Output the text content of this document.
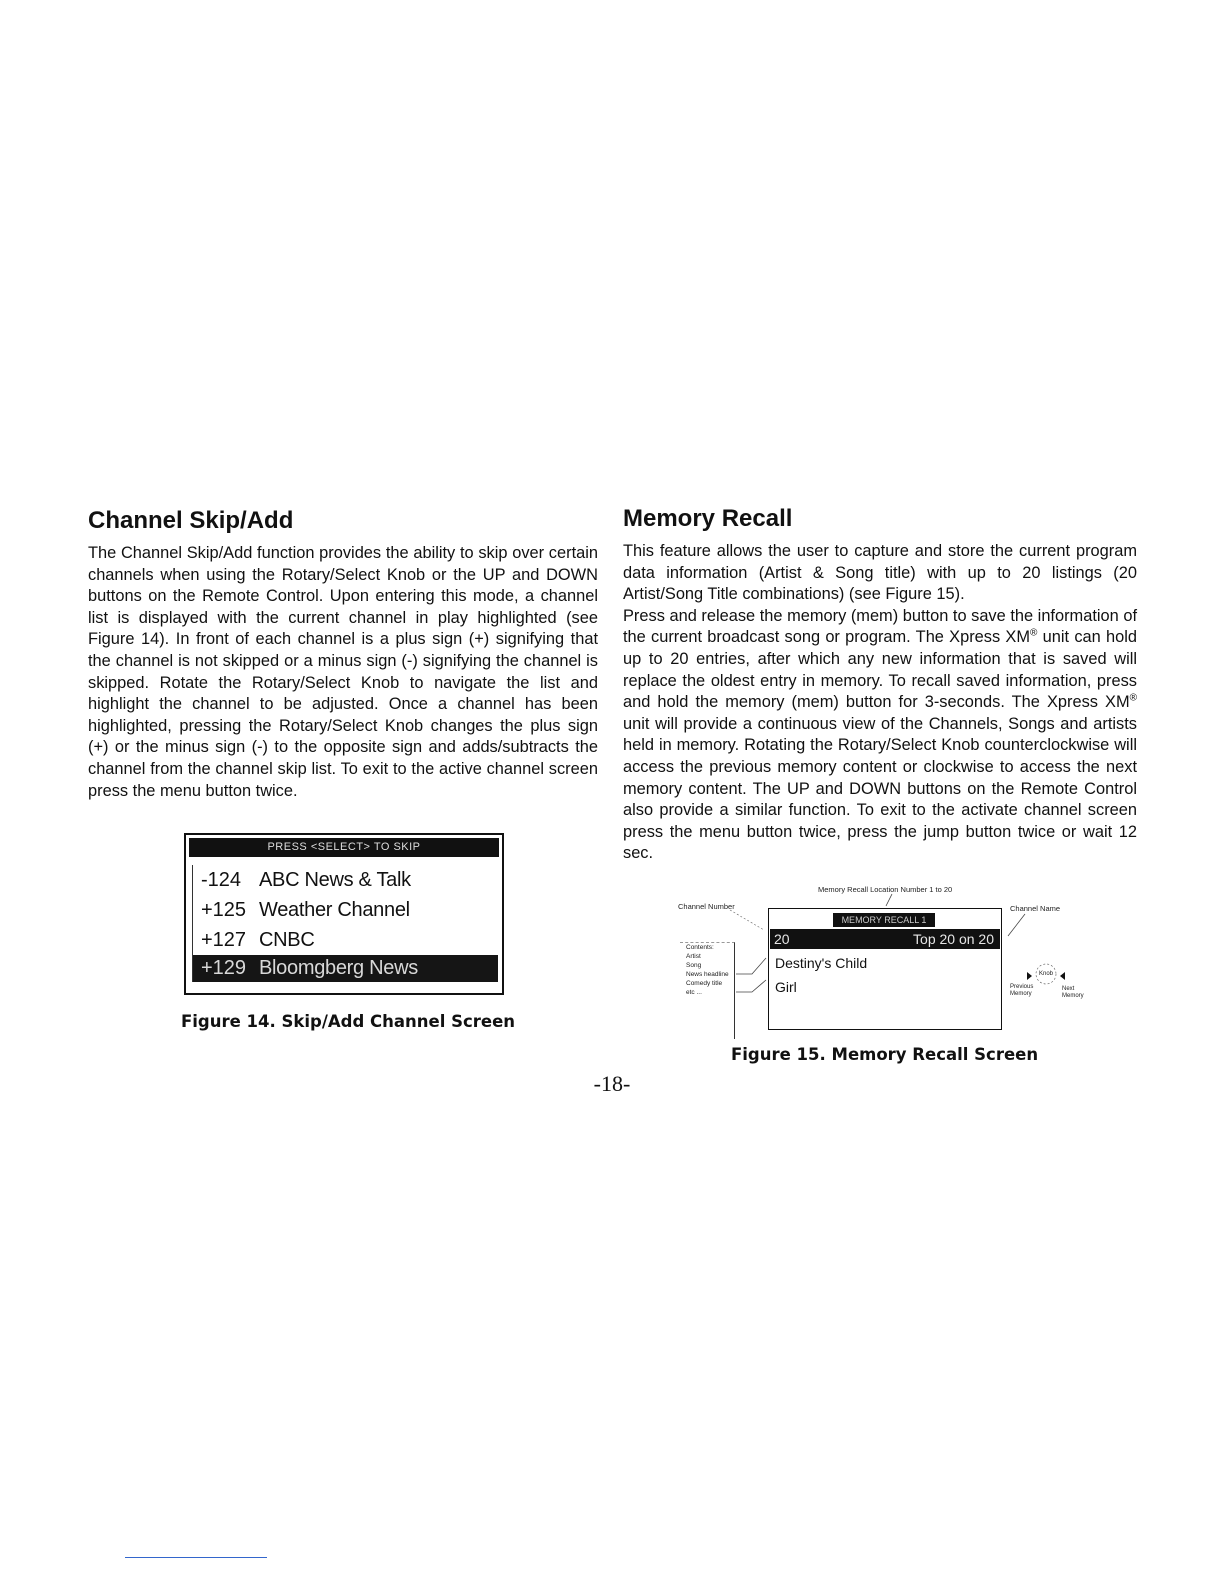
Channel Skip/Add

The Channel Skip/Add function provides the ability to skip over certain channels when using the Rotary/Select Knob or the UP and DOWN buttons on the Remote Control. Upon entering this mode, a channel list is displayed with the current channel in play highlighted (see Figure 14). In front of each channel is a plus sign (+) signifying that the channel is not skipped or a minus sign (-) signifying the channel is skipped. Rotate the Rotary/Select Knob to navigate the list and highlight the channel to be adjusted. Once a channel has been highlighted, pressing the Rotary/Select Knob changes the plus sign (+) or the minus sign (-) to the opposite sign and adds/subtracts the channel from the channel skip list. To exit to the active channel screen press the menu button twice.

PRESS <SELECT> TO SKIP
-124 ABC News & Talk
+125 Weather Channel
+127 CNBC
+129 Bloomgberg News
Figure 14. Skip/Add Channel Screen
Memory Recall

This feature allows the user to capture and store the current program data information (Artist & Song title) with up to 20 listings (20 Artist/Song Title combinations) (see Figure 15).

Press and release the memory (mem) button to save the information of the current broadcast song or program. The Xpress XM® unit can hold up to 20 entries, after which any new information that is saved will replace the oldest entry in memory. To recall saved information, press and hold the memory (mem) button for 3-seconds. The Xpress XM® unit will provide a continuous view of the Channels, Songs and artists held in memory. Rotating the Rotary/Select Knob counterclockwise will access the previous memory content or clockwise to access the next memory content. The UP and DOWN buttons on the Remote Control also provide a similar function. To exit to the activate channel screen press the menu button twice, press the jump button twice or wait 12 sec.

Memory Recall Location Number 1 to 20
Channel Number	Channel Name
Contents:
Artist
Song
News headline
Comedy title
etc ...
MEMORY RECALL 1
20	Top 20 on 20
Destiny's Child
Girl
Knob
Previous Memory
Next Memory
Figure 15. Memory Recall Screen
-18-
